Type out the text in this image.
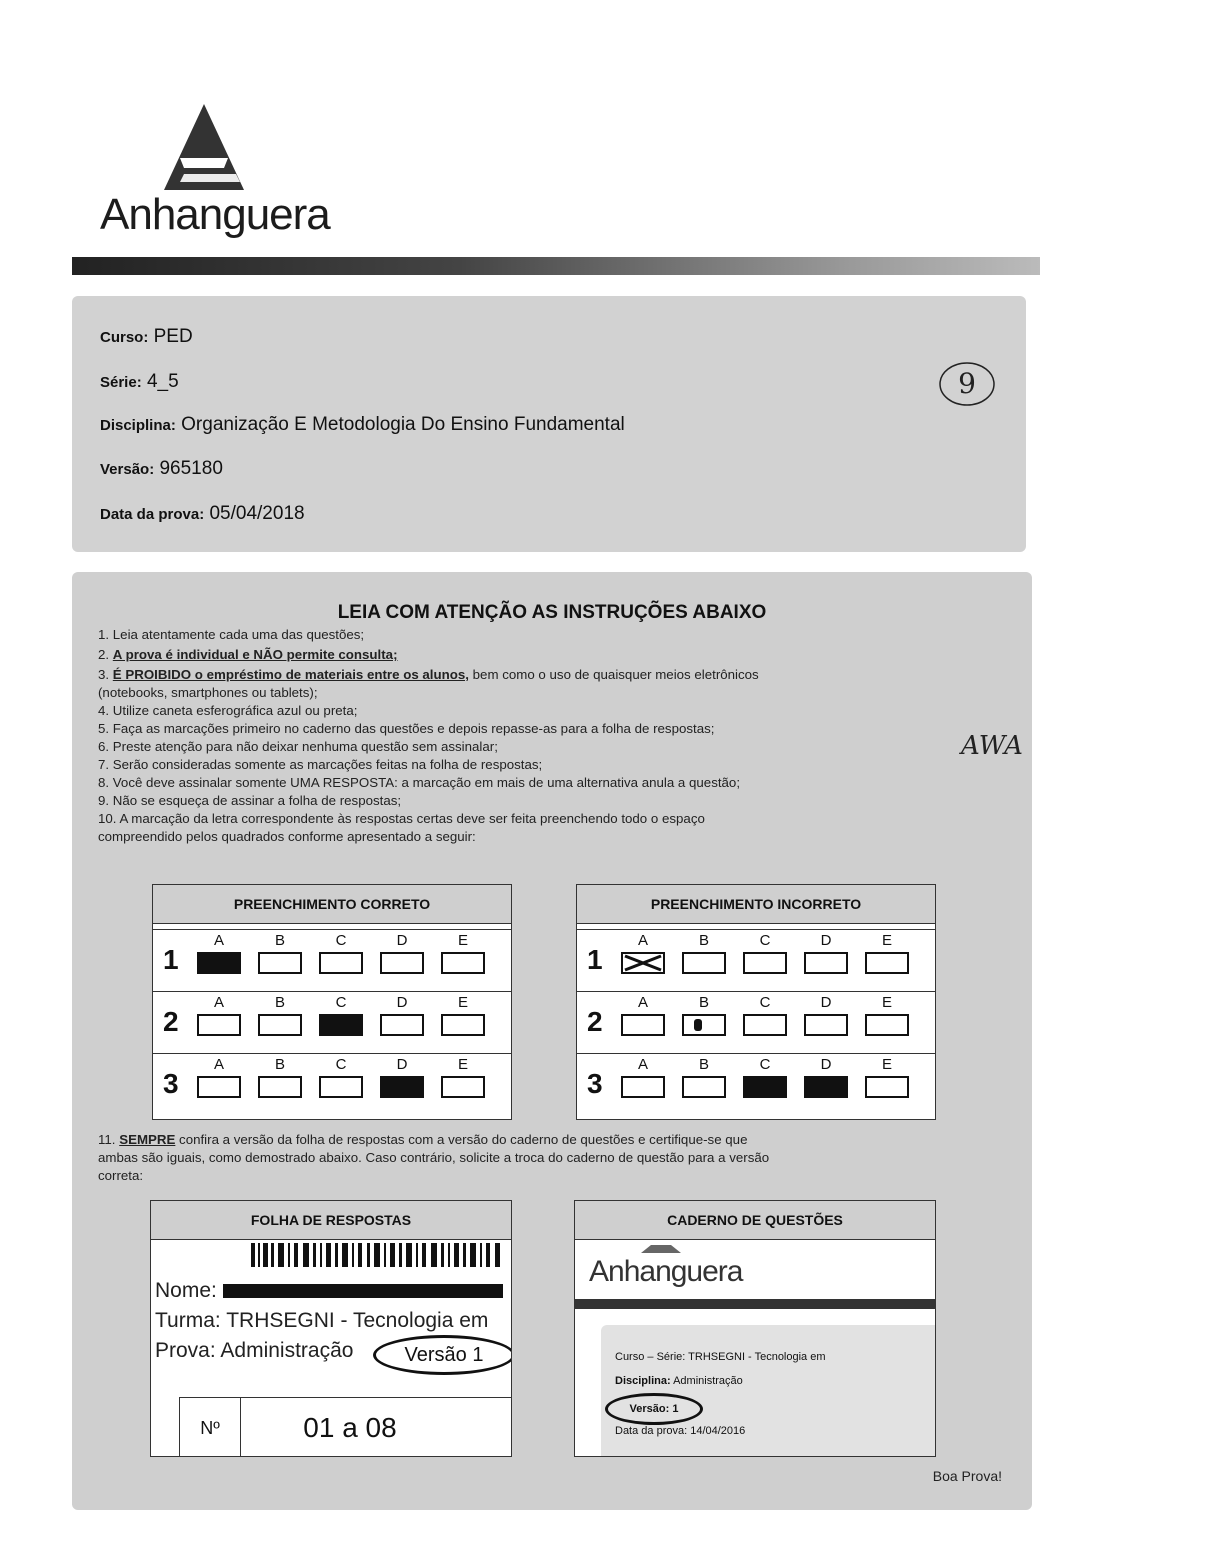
Anhanguera
Curso: PED
Série: 4_5
Disciplina: Organização E Metodologia Do Ensino Fundamental
Versão: 965180
Data da prova: 05/04/2018
9
LEIA COM ATENÇÃO AS INSTRUÇÕES ABAIXO
1. Leia atentamente cada uma das questões;
2. A prova é individual e NÃO permite consulta;
3. É PROIBIDO o empréstimo de materiais entre os alunos, bem como o uso de quaisquer meios eletrônicos
(notebooks, smartphones ou tablets);
4. Utilize caneta esferográfica azul ou preta;
5. Faça as marcações primeiro no caderno das questões e depois repasse-as para a folha de respostas;
6. Preste atenção para não deixar nenhuma questão sem assinalar;
7. Serão consideradas somente as marcações feitas na folha de respostas;
8. Você deve assinalar somente UMA RESPOSTA: a marcação em mais de uma alternativa anula a questão;
9. Não se esqueça de assinar a folha de respostas;
10. A marcação da letra correspondente às respostas certas deve ser feita preenchendo todo o espaço
compreendido pelos quadrados conforme apresentado a seguir:
AWA
PREENCHIMENTO CORRETO
1
A	B	C	D	E
2
A	B	C	D	E
3
A	B	C	D	E
PREENCHIMENTO INCORRETO
1
A	B	C	D	E
2
A	B	C	D	E
3
A	B	C	D	E
11. SEMPRE confira a versão da folha de respostas com a versão do caderno de questões e certifique-se que
ambas são iguais, como demostrado abaixo. Caso contrário, solicite a troca do caderno de questão para a versão
correta:
FOLHA DE RESPOSTAS
Nome:
Turma: TRHSEGNI - Tecnologia em
Prova: Administração	Versão 1
Nº	01 a 08
CADERNO DE QUESTÕES
Anhanguera
Curso – Série: TRHSEGNI - Tecnologia em
Disciplina: Administração
Versão: 1
Data da prova: 14/04/2016
Boa Prova!
